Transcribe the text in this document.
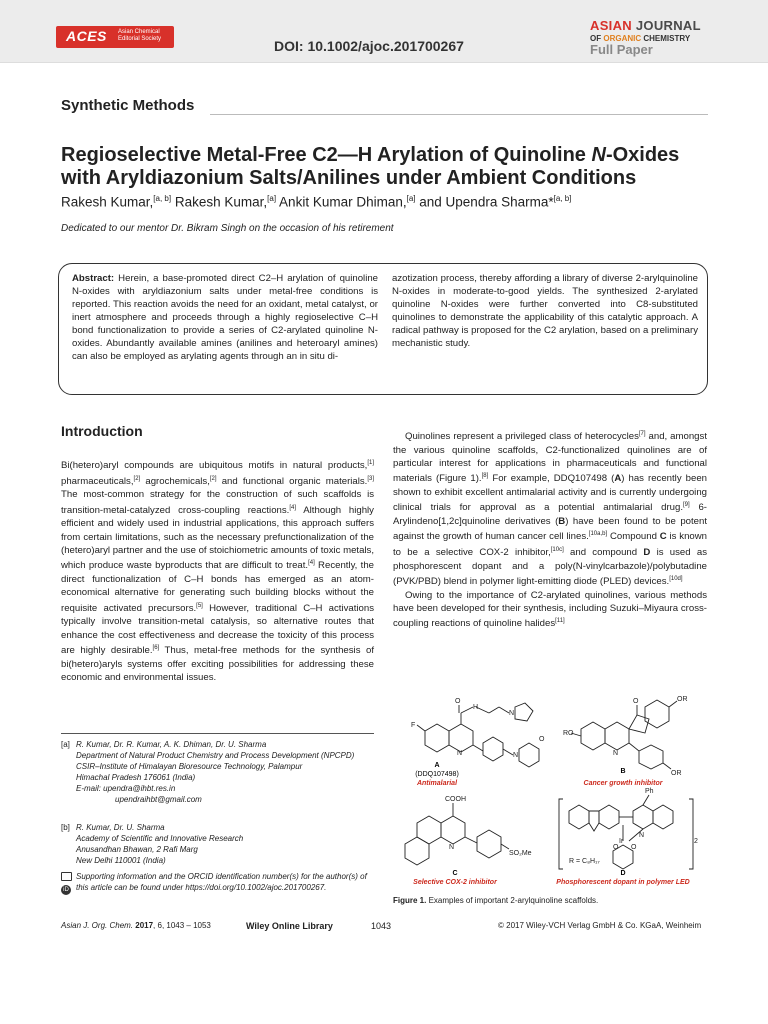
ACES Asian Chemical Editorial Society	DOI: 10.1002/ajoc.201700267
ASIAN JOURNAL
OF ORGANIC CHEMISTRY
Full Paper
Synthetic Methods
Regioselective Metal-Free C2—H Arylation of Quinoline N-Oxides with Aryldiazonium Salts/Anilines under Ambient Conditions
Rakesh Kumar,[a, b] Rakesh Kumar,[a] Ankit Kumar Dhiman,[a] and Upendra Sharma*[a, b]
Dedicated to our mentor Dr. Bikram Singh on the occasion of his retirement
Abstract: Herein, a base-promoted direct C2–H arylation of quinoline N-oxides with aryldiazonium salts under metal-free conditions is reported. This reaction avoids the need for an oxidant, metal catalyst, or inert atmosphere and proceeds through a highly regioselective C–H bond functionalization to provide a series of C2-arylated quinoline N-oxides. Abundantly available amines (anilines and heteroaryl amines) can also be employed as arylating agents through an in situ di-
azotization process, thereby affording a library of diverse 2-arylquinoline N-oxides in moderate-to-good yields. The synthesized 2-arylated quinoline N-oxides were further converted into C8-substituted quinolines to demonstrate the applicability of this catalytic approach. A radical pathway is proposed for the C2 arylation, based on a preliminary mechanistic study.
Introduction

Bi(hetero)aryl compounds are ubiquitous motifs in natural products,[1] pharmaceuticals,[2] agrochemicals,[2] and functional organic materials.[3] The most-common strategy for the construction of such scaffolds is transition-metal-catalyzed cross-coupling reactions.[4] Although highly efficient and widely used in industrial applications, this approach suffers from certain limitations, such as the necessary prefunctionalization of the (hetero)aryl partner and the use of stoichiometric amounts of toxic metals, which produce waste byproducts that are difficult to treat.[4] Recently, the direct functionalization of C–H bonds has emerged as an atom-economical alternative for generating such building blocks without the requisite activated precursors.[5] However, traditional C–H activations typically involve transition-metal catalysis, so alternative routes that enhance the cost effectiveness and decrease the toxicity of this process are highly desirable.[6] Thus, metal-free methods for the synthesis of bi(hetero)aryls systems offer exciting possibilities for addressing these economic and environmental issues.

Quinolines represent a privileged class of heterocycles[7] and, amongst the various quinoline scaffolds, C2-functionalized quinolines are of particular interest for applications in pharmaceuticals and functional materials (Figure 1).[8] For example, DDQ107498 (A) has recently been shown to exhibit excellent antimalarial activity and is currently undergoing clinical trials for approval as a potential antimalarial drug.[9] 6-Arylindeno[1,2c]quinoline derivatives (B) have been found to be potent against the growth of human cancer cell lines.[10a,b] Compound C is known to be a selective COX-2 inhibitor,[10c] and compound D is used as phosphorescent dopant and a poly(N-vinylcarbazole)/polybutadine (PVK/PBD) blend in polymer light-emitting diode (PLED) devices.[10d]

Owing to the importance of C2-arylated quinolines, various methods have been developed for their synthesis, including Suzuki–Miyaura cross-coupling reactions of quinoline halides[11]

[a] R. Kumar, Dr. R. Kumar, A. K. Dhiman, Dr. U. Sharma
Department of Natural Product Chemistry and Process Development (NPCPD)
CSIR–Institute of Himalayan Bioresource Technology, Palampur
Himachal Pradesh 176061 (India)
E-mail: upendra@ihbt.res.in
upendraihbt@gmail.com
[b] R. Kumar, Dr. U. Sharma
Academy of Scientific and Innovative Research
Anusandhan Bhawan, 2 Rafi Marg
New Delhi 110001 (India)
iD
Supporting information and the ORCID identification number(s) for the author(s) of this article can be found under https://doi.org/10.1002/ajoc.201700267.
F
O
H
N
N	N
O
RO
O	OR
OR
N
COOH
N
SO₂Me
Ph
N
Ir
O O
2
R = C₈H₁₇
A
(DDQ107498)
Antimalarial
B
Cancer growth inhibitor
C
Selective COX-2 inhibitor
D
Phosphorescent dopant in polymer LED
Figure 1. Examples of important 2-arylquinoline scaffolds.
Asian J. Org. Chem. 2017, 6, 1043 – 1053	Wiley Online Library	1043	© 2017 Wiley-VCH Verlag GmbH & Co. KGaA, Weinheim
